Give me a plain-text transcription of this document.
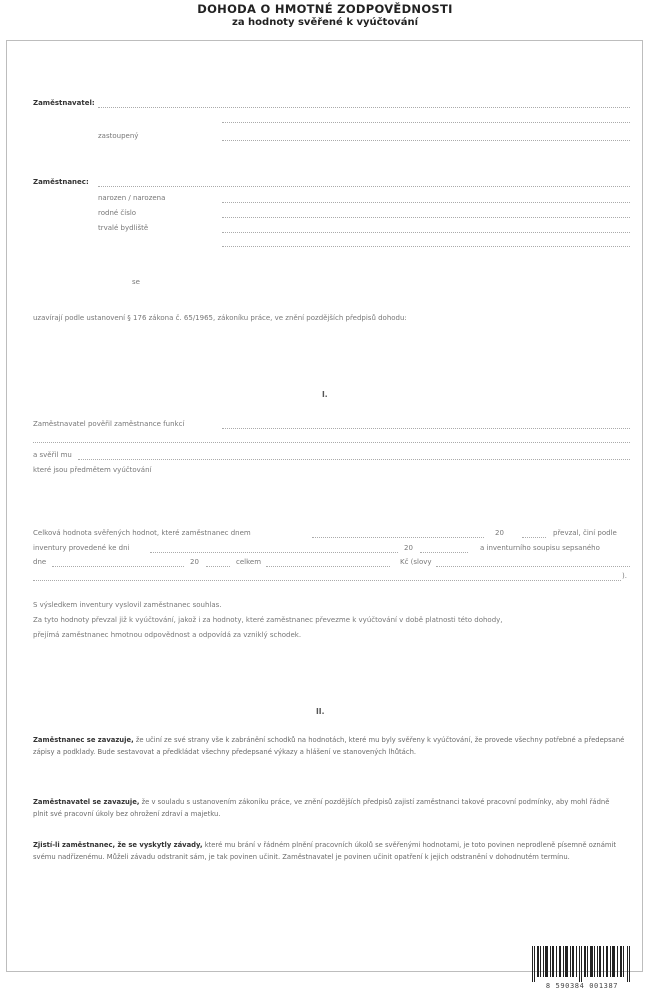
DOHODA O HMOTNÉ ZODPOVĚDNOSTI
za hodnoty svěřené k vyúčtování
Zaměstnavatel:
zastoupený
Zaměstnanec:
narozen / narozena
rodné číslo
trvalé bydliště
se
uzavírají podle ustanovení § 176 zákona č. 65/1965, zákoníku práce, ve znění pozdějších předpisů dohodu:
I.
Zaměstnavatel pověřil zaměstnance funkcí
a svěřil mu
které jsou předmětem vyúčtování
Celková hodnota svěřených hodnot, které zaměstnanec dnem	20	převzal, činí podle
inventury provedené ke dni	20	a inventurního soupisu sepsaného
dne	20	celkem	Kč (slovy
).
S výsledkem inventury vyslovil zaměstnanec souhlas.
Za tyto hodnoty převzal již k vyúčtování, jakož i za hodnoty, které zaměstnanec převezme k vyúčtování v době platnosti této dohody,
přejímá zaměstnanec hmotnou odpovědnost a odpovídá za vzniklý schodek.
II.
Zaměstnanec se zavazuje, že učiní ze své strany vše k zabránění schodků na hodnotách, které mu byly svěřeny k vyúčtování, že provede všechny potřebné a předepsané zápisy a podklady. Bude sestavovat a předkládat všechny předepsané výkazy a hlášení ve stanovených lhůtách.
Zaměstnavatel se zavazuje, že v souladu s ustanovením zákoníku práce, ve znění pozdějších předpisů zajistí zaměstnanci takové pracovní podmínky, aby mohl řádně plnit své pracovní úkoly bez ohrožení zdraví a majetku.
Zjistí-li zaměstnanec, že se vyskytly závady, které mu brání v řádném plnění pracovních úkolů se svěřenými hodnotami, je toto povinen neprodleně písemně oznámit svému nadřízenému. Můželi závadu odstranit sám, je tak povinen učinit. Zaměstnavatel je povinen učinit opatření k jejich odstranění v dohodnutém termínu.
8 590384 001387
